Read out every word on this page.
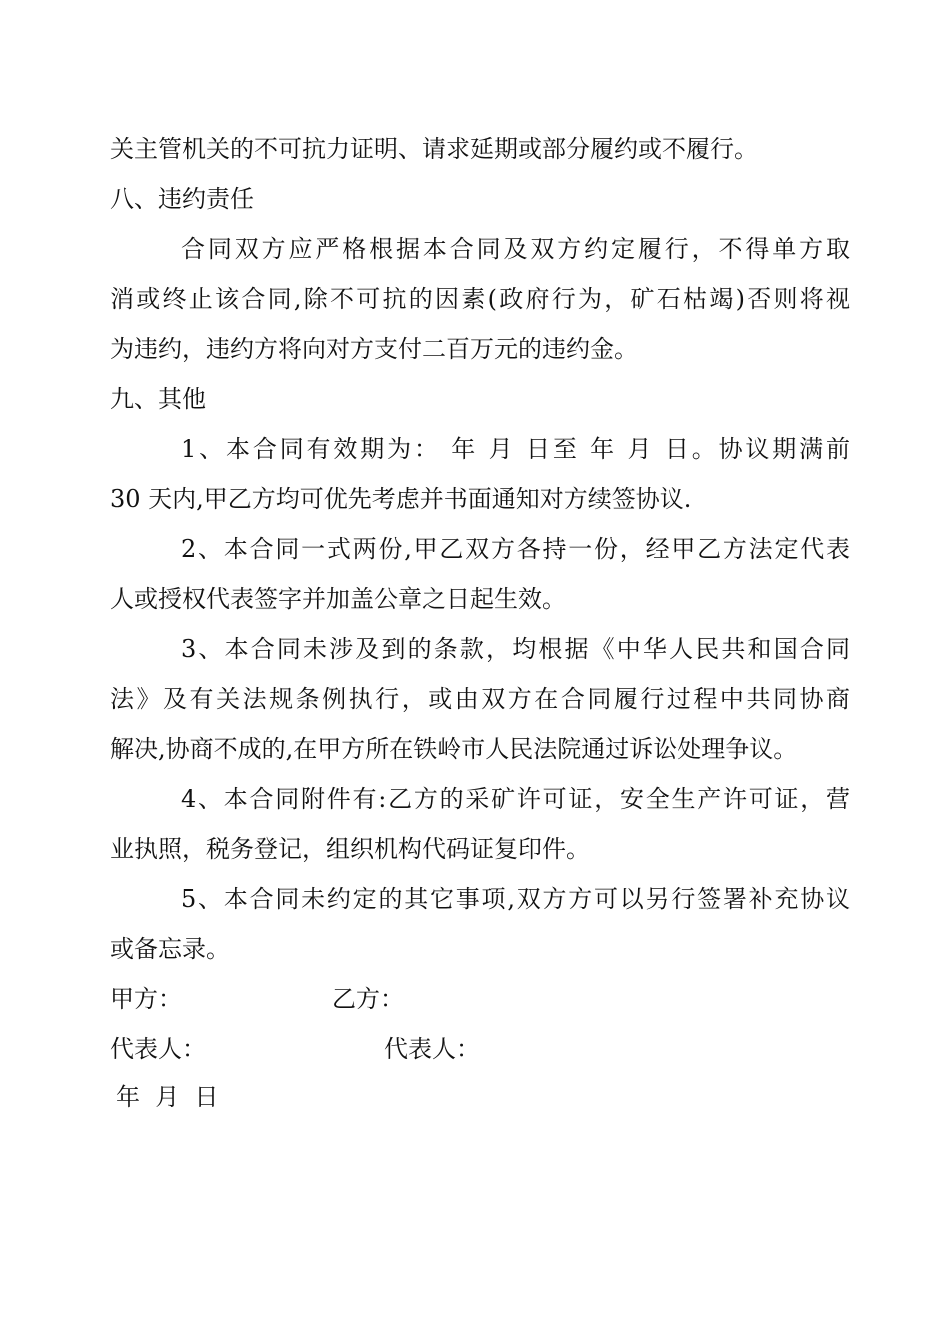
关主管机关的不可抗力证明、请求延期或部分履约或不履行。
八、违约责任
合同双方应严格根据本合同及双方约定履行，不得单方取
消或终止该合同,除不可抗的因素(政府行为，矿石枯竭)否则将视
为违约，违约方将向对方支付二百万元的违约金。
九、其他
1、本合同有效期为： 年 月 日至 年 月 日。协议期满前
30 天内,甲乙方均可优先考虑并书面通知对方续签协议.
2、本合同一式两份,甲乙双方各持一份，经甲乙方法定代表
人或授权代表签字并加盖公章之日起生效。
3、本合同未涉及到的条款，均根据《中华人民共和国合同
法》及有关法规条例执行，或由双方在合同履行过程中共同协商
解决,协商不成的,在甲方所在铁岭市人民法院通过诉讼处理争议。
4、本合同附件有:乙方的采矿许可证，安全生产许可证，营
业执照，税务登记，组织机构代码证复印件。
5、本合同未约定的其它事项,双方方可以另行签署补充协议
或备忘录。
甲方：	乙方：
代表人：	代表人：
年  月  日
